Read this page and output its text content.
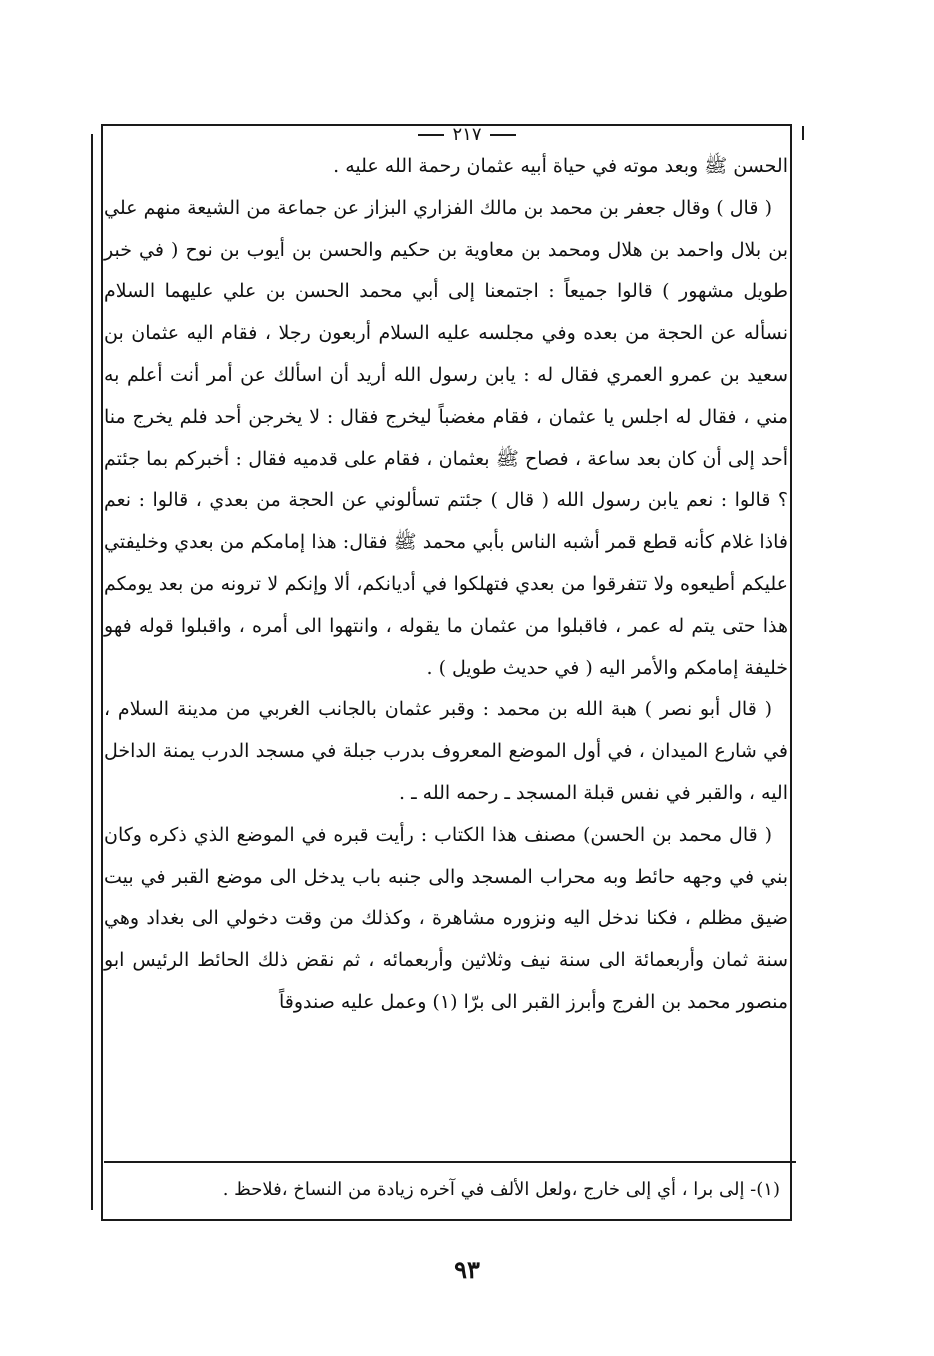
٢١٧

الحسن ﷺ وبعد موته في حياة أبيه عثمان رحمة الله عليه .

( قال ) وقال جعفر بن محمد بن مالك الفزاري البزاز عن جماعة من الشيعة منهم علي بن بلال واحمد بن هلال ومحمد بن معاوية بن حكيم والحسن بن أيوب بن نوح ( في خبر طويل مشهور ) قالوا جميعاً : اجتمعنا إلى أبي محمد الحسن بن علي عليهما السلام نسأله عن الحجة من بعده وفي مجلسه عليه السلام أربعون رجلا ، فقام اليه عثمان بن سعيد بن عمرو العمري فقال له : يابن رسول الله أريد أن اسألك عن أمر أنت أعلم به مني ، فقال له اجلس يا عثمان ، فقام مغضباً ليخرج فقال : لا يخرجن أحد فلم يخرج منا أحد إلى أن كان بعد ساعة ، فصاح ﷺ بعثمان ، فقام على قدميه فقال : أخبركم بما جئتم ؟ قالوا : نعم يابن رسول الله ( قال ) جئتم تسألوني عن الحجة من بعدي ، قالوا : نعم فاذا غلام كأنه قطع قمر أشبه الناس بأبي محمد ﷺ فقال: هذا إمامكم من بعدي وخليفتي عليكم أطيعوه ولا تتفرقوا من بعدي فتهلكوا في أديانكم، ألا وإنكم لا ترونه من بعد يومكم هذا حتى يتم له عمر ، فاقبلوا من عثمان ما يقوله ، وانتهوا الى أمره ، واقبلوا قوله فهو خليفة إمامكم والأمر اليه ( في حديث طويل ) .

( قال أبو نصر ) هبة الله بن محمد : وقبر عثمان بالجانب الغربي من مدينة السلام ، في شارع الميدان ، في أول الموضع المعروف بدرب جبلة في مسجد الدرب يمنة الداخل اليه ، والقبر في نفس قبلة المسجد ـ رحمه الله ـ .

( قال محمد بن الحسن) مصنف هذا الكتاب : رأيت قبره في الموضع الذي ذكره وكان بني في وجهه حائط وبه محراب المسجد والى جنبه باب يدخل الى موضع القبر في بيت ضيق مظلم ، فكنا ندخل اليه ونزوره مشاهرة ، وكذلك من وقت دخولي الى بغداد وهي سنة ثمان وأربعمائة الى سنة نيف وثلاثين وأربعمائه ، ثم نقض ذلك الحائط الرئيس ابو منصور محمد بن الفرج وأبرز القبر الى برّا (١) وعمل عليه صندوقاً

(١)- إلى برا ، أي إلى خارج ،ولعل الألف في آخره زيادة من النساخ ،فلاحظ .
٩٣
